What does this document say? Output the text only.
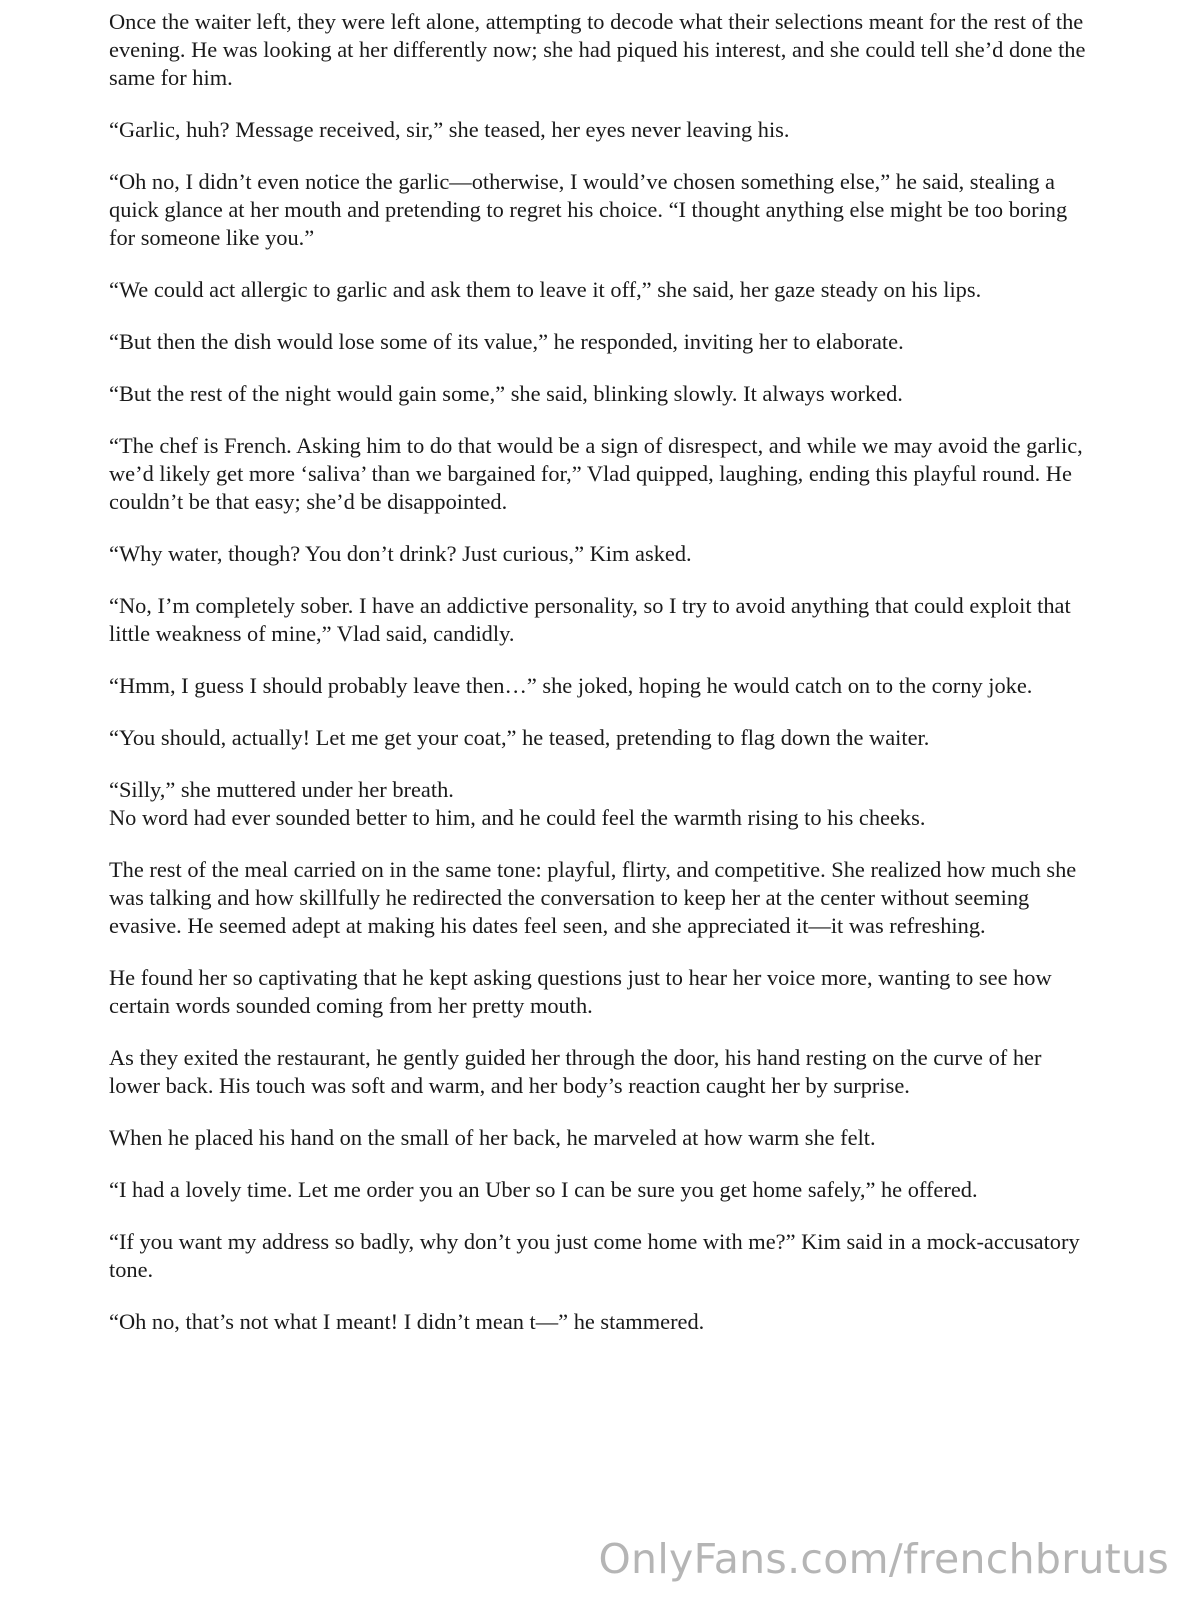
Once the waiter left, they were left alone, attempting to decode what their selections meant for the rest of the evening. He was looking at her differently now; she had piqued his interest, and she could tell she’d done the same for him.

“Garlic, huh? Message received, sir,” she teased, her eyes never leaving his.

“Oh no, I didn’t even notice the garlic—otherwise, I would’ve chosen something else,” he said, stealing a quick glance at her mouth and pretending to regret his choice. “I thought anything else might be too boring for someone like you.”

“We could act allergic to garlic and ask them to leave it off,” she said, her gaze steady on his lips.

“But then the dish would lose some of its value,” he responded, inviting her to elaborate.

“But the rest of the night would gain some,” she said, blinking slowly. It always worked.

“The chef is French. Asking him to do that would be a sign of disrespect, and while we may avoid the garlic, we’d likely get more ‘saliva’ than we bargained for,” Vlad quipped, laughing, ending this playful round. He couldn’t be that easy; she’d be disappointed.

“Why water, though? You don’t drink? Just curious,” Kim asked.

“No, I’m completely sober. I have an addictive personality, so I try to avoid anything that could exploit that little weakness of mine,” Vlad said, candidly.

“Hmm, I guess I should probably leave then…” she joked, hoping he would catch on to the corny joke.

“You should, actually! Let me get your coat,” he teased, pretending to flag down the waiter.

“Silly,” she muttered under her breath.
No word had ever sounded better to him, and he could feel the warmth rising to his cheeks.

The rest of the meal carried on in the same tone: playful, flirty, and competitive. She realized how much she was talking and how skillfully he redirected the conversation to keep her at the center without seeming evasive. He seemed adept at making his dates feel seen, and she appreciated it—it was refreshing.

He found her so captivating that he kept asking questions just to hear her voice more, wanting to see how certain words sounded coming from her pretty mouth.

As they exited the restaurant, he gently guided her through the door, his hand resting on the curve of her lower back. His touch was soft and warm, and her body’s reaction caught her by surprise.

When he placed his hand on the small of her back, he marveled at how warm she felt.

“I had a lovely time. Let me order you an Uber so I can be sure you get home safely,” he offered.

“If you want my address so badly, why don’t you just come home with me?” Kim said in a mock-accusatory tone.

“Oh no, that’s not what I meant! I didn’t mean t—” he stammered.

OnlyFans.com/frenchbrutus
